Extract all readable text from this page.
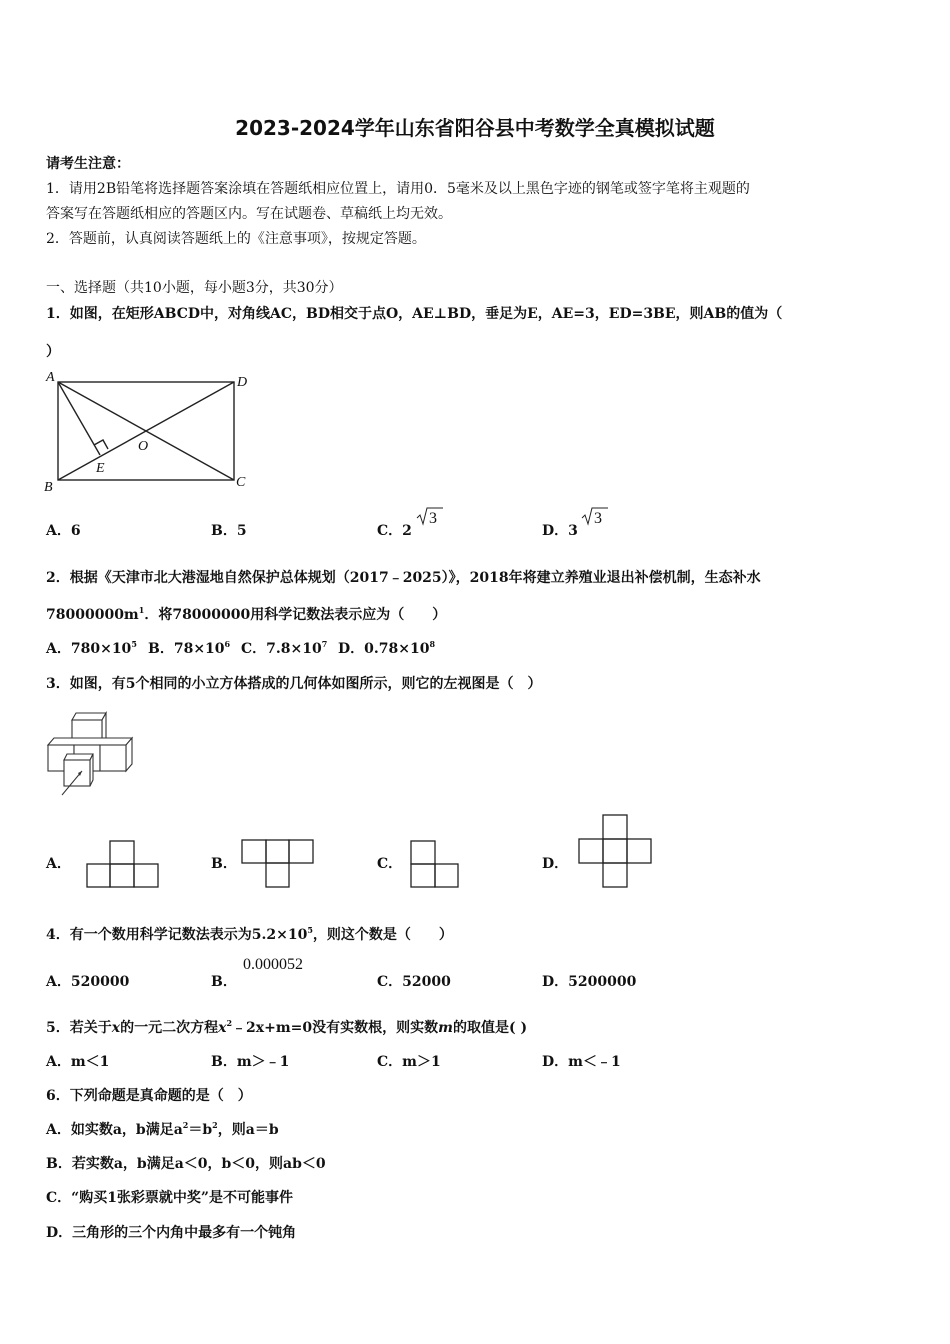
2023-2024学年山东省阳谷县中考数学全真模拟试题
请考生注意：
1．请用2B铅笔将选择题答案涂填在答题纸相应位置上，请用0．5毫米及以上黑色字迹的钢笔或签字笔将主观题的
答案写在答题纸相应的答题区内。写在试题卷、草稿纸上均无效。
2．答题前，认真阅读答题纸上的《注意事项》，按规定答题。
一、选择题（共10小题，每小题3分，共30分）
1．如图，在矩形ABCD中，对角线AC，BD相交于点O，AE⊥BD，垂足为E，AE=3，ED=3BE，则AB的值为（
）
A	D
B	C
O
E
A．6	B．5	C．2
3
D．3
3
2．根据《天津市北大港湿地自然保护总体规划（2017﹣2025）》，2018年将建立养殖业退出补偿机制，生态补水
$78000000m^1$．将78000000用科学记数法表示应为（　　）
A．$780\times 10^5$ B．$78\times 10^6$ C．$7.8\times 10^7$ D．$0.78\times 10^8$
3．如图，有5个相同的小立方体搭成的几何体如图所示，则它的左视图是（　）
A．	B．	C．	D．
4．有一个数用科学记数法表示为$5.2\times 10^5$，则这个数是（　　）
A．520000	B．
0.000052
C．52000	D．5200000
5．若关于x的一元二次方程$x^2﹣2x+m=0$没有实数根，则实数m的取值是( )
A．m＜1	B．m＞﹣1	C．m＞1	D．m＜﹣1
6．下列命题是真命题的是（　）
A．如实数a，b满足$a^2=b^2$，则a＝b
B．若实数a，b满足a＜0，b＜0，则ab＜0
C．“购买1张彩票就中奖”是不可能事件
D．三角形的三个内角中最多有一个钝角
